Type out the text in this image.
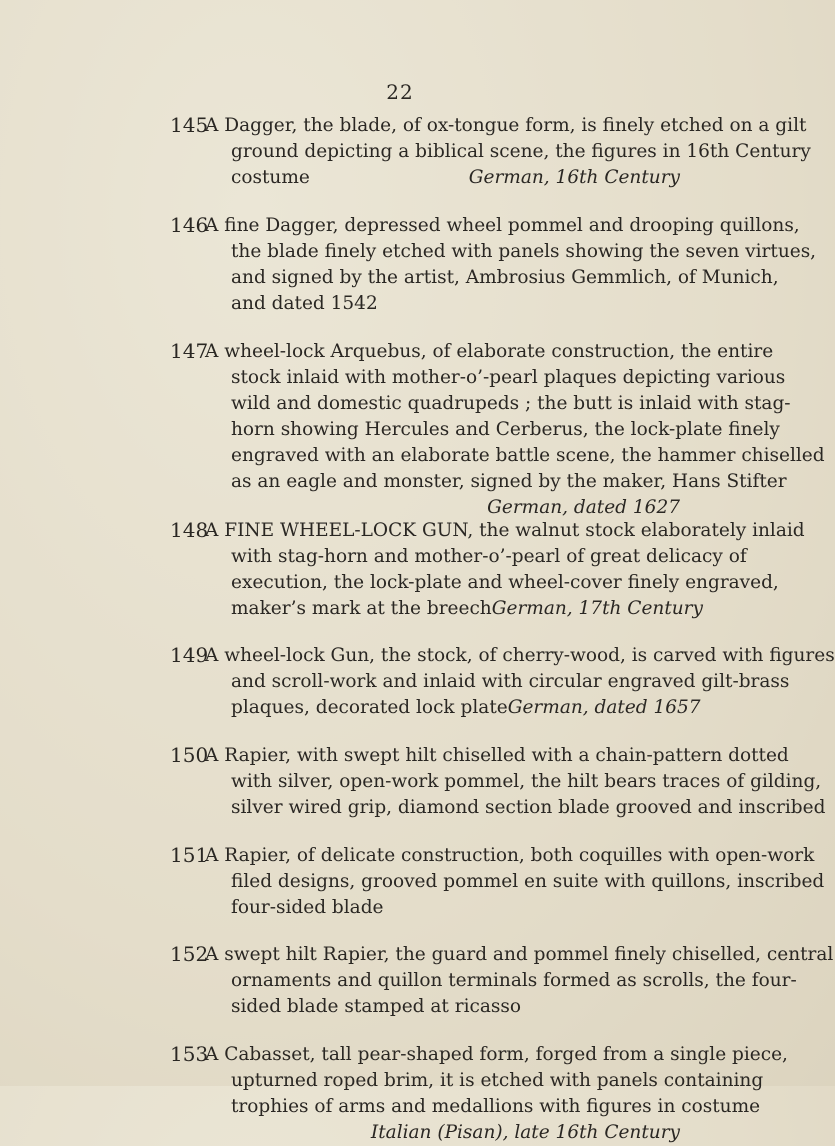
22
145
A Dagger, the blade, of ox-tongue form, is finely etched on a gilt
ground depicting a biblical scene, the figures in 16th Century
costume	German, 16th Century
146
A fine Dagger, depressed wheel pommel and drooping quillons,
the blade finely etched with panels showing the seven virtues,
and signed by the artist, Ambrosius Gemmlich, of Munich,
and dated 1542
147
A wheel-lock Arquebus, of elaborate construction, the entire
stock inlaid with mother-o’-pearl plaques depicting various
wild and domestic quadrupeds ; the butt is inlaid with stag-
horn showing Hercules and Cerberus, the lock-plate finely
engraved with an elaborate battle scene, the hammer chiselled
as an eagle and monster, signed by the maker, Hans Stifter
German, dated 1627
148
A FINE WHEEL-LOCK GUN, the walnut stock elaborately inlaid
with stag-horn and mother-o’-pearl of great delicacy of
execution, the lock-plate and wheel-cover finely engraved,
maker’s mark at the breech German, 17th Century
149
A wheel-lock Gun, the stock, of cherry-wood, is carved with figures
and scroll-work and inlaid with circular engraved gilt-brass
plaques, decorated lock plate German, dated 1657
150
A Rapier, with swept hilt chiselled with a chain-pattern dotted
with silver, open-work pommel, the hilt bears traces of gilding,
silver wired grip, diamond section blade grooved and inscribed
151
A Rapier, of delicate construction, both coquilles with open-work
filed designs, grooved pommel en suite with quillons, inscribed
four-sided blade
152
A swept hilt Rapier, the guard and pommel finely chiselled, central
ornaments and quillon terminals formed as scrolls, the four-
sided blade stamped at ricasso
153
A Cabasset, tall pear-shaped form, forged from a single piece,
upturned roped brim, it is etched with panels containing
trophies of arms and medallions with figures in costume
Italian (Pisan), late 16th Century
